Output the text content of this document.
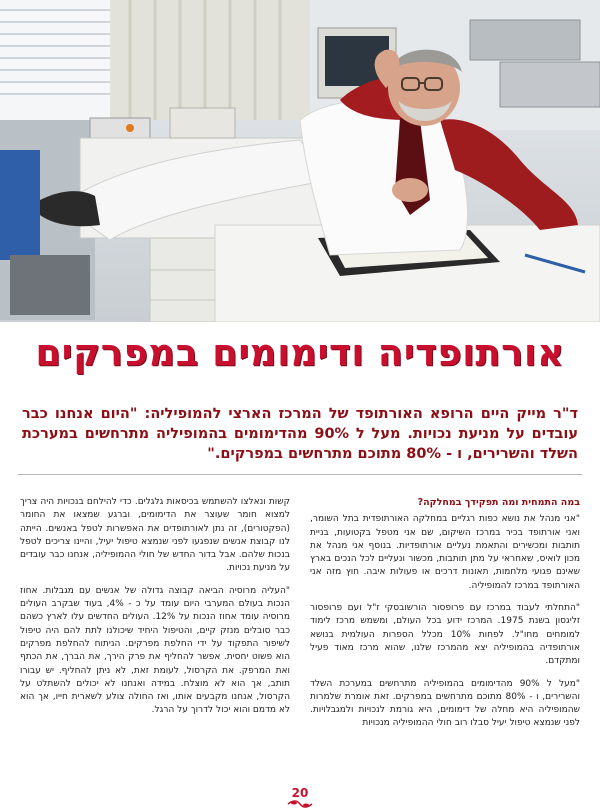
אורתופדיה ודימומים במפרקים

ד"ר מייק היים הרופא האורתופד של המרכז הארצי להמופיליה: "היום אנחנו כבר עובדים על מניעת נכויות. מעל ל 90% מהדימומים בהמופיליה מתרחשים במערכת השלד והשרירים, ו - 80% מתוכם מתרחשים במפרקים."

במה התמחית ומה תפקידך במחלקה?

"אני מנהל את נושא כפות רגליים במחלקה האורתופדית בתל השומר, ואני אורתופד בכיר במרכז השיקום, שם אני מטפל בקטועות, בניית תותבות ומכשירים והתאמת נעליים אורתופדיות. בנוסף אני מנהל את מכון לואיס, שאחראי על מתן תותבות, מכשור ונעליים לכל הנכים בארץ שאינם פגועי מלחמות, תאונות דרכים או פעולות איבה. חוץ מזה אני האורתופד במרכז להמופיליה.

"התחלתי לעבוד במרכז עם פרופסור הורשובסקי ז"ל ועם פרופסור זליגסון בשנת 1975. המרכז ידוע בכל העולם, ומשמש מרכז לימוד למומחים מחו"ל. לפחות 10% מכלל הספרות העולמית בנושא אורתופדיה בהמופיליה יצא מהמרכז שלנו, שהוא מרכז מאוד פעיל ומתקדם.

"מעל ל 90% מהדימומים בהמופיליה מתרחשים במערכת השלד והשרירים, ו - 80% מתוכם מתרחשים במפרקים. זאת אומרת שלמרות שהמופיליה היא מחלה של דימומים, היא גורמת לנכויות ולמגבלויות. לפני שנמצא טיפול יעיל סבלו רוב חולי ההמופיליה מנכויות

קשות ונאלצו להשתמש בכיסאות גלגלים. כדי להילחם בנכויות היה צריך למצוא חומר שעוצר את הדימומים, וברגע שמצאו את החומר (הפקטורים), זה נתן לאורתופדים את האפשרות לטפל באנשים. הייתה לנו קבוצת אנשים שנפגעו לפני שנמצא טיפול יעיל, והיינו צריכים לטפל בנכות שלהם. אבל בדור החדש של חולי ההמופיליה, אנחנו כבר עובדים על מניעת נכויות.

"העליה מרוסיה הביאה קבוצה גדולה של אנשים עם מגבלות. אחוז הנכות בעולם המערבי היום עומד על כ - 4%, בעוד שבקרב העולים מרוסיה עומד אחוז הנכות על 12%. העולים החדשים עלו לארץ כשהם כבר סובלים מנזק קיים, והטיפול היחיד שיכולנו לתת להם היה טיפול לשיפור התפקוד על ידי החלפת מפרקים. הניתוח להחלפת מפרקים הוא פשוט יחסית. אפשר להחליף את פרק הירך, את הברך, את הכתף ואת המרפק. את הקרסול, לעומת זאת, לא ניתן להחליף. יש עבורו תותב, אך הוא לא מוצלח. במידה ואנחנו לא יכולים להשתלט על הקרסול, אנחנו מקבעים אותו, ואז החולה צולע לשארית חייו, אך הוא לא מדמם והוא יכול לדרוך על הרגל.

20
